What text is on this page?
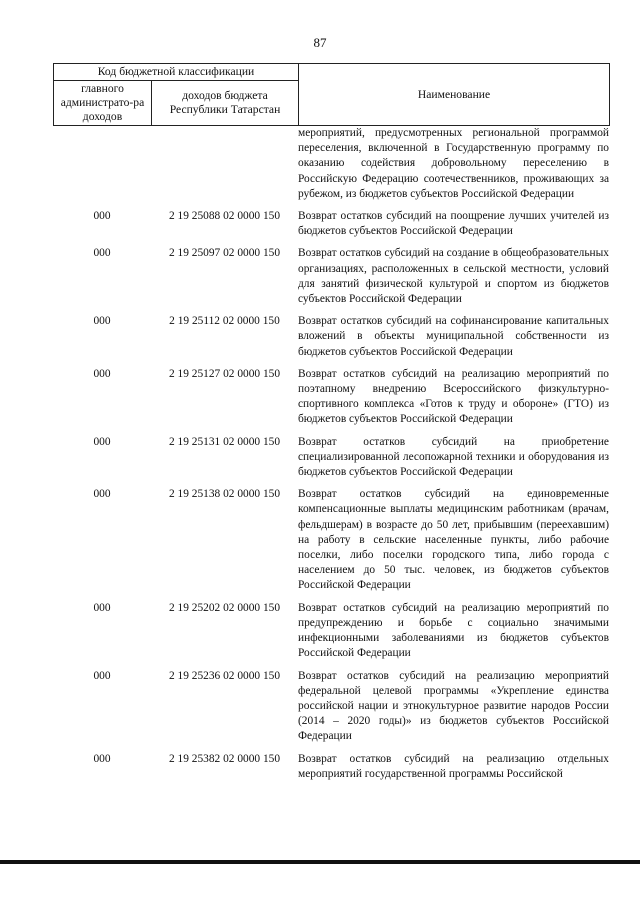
87
Код бюджетной классификации		Наименование
главного администрато-ра доходов	доходов бюджета Республики Татарстан	
мероприятий, предусмотренных региональной программой переселения, включенной в Государственную программу по оказанию содействия добровольному переселению в Российскую Федерацию соотечественников, проживающих за рубежом, из бюджетов субъектов Российской Федерации
000	2 19 25088 02 0000 150	Возврат остатков субсидий на поощрение лучших учителей из бюджетов субъектов Российской Федерации
000	2 19 25097 02 0000 150	Возврат остатков субсидий на создание в общеобразовательных организациях, расположенных в сельской местности, условий для занятий физической культурой и спортом из бюджетов субъектов Российской Федерации
000	2 19 25112 02 0000 150	Возврат остатков субсидий на софинансирование капитальных вложений в объекты муниципальной собственности из бюджетов субъектов Российской Федерации
000	2 19 25127 02 0000 150	Возврат остатков субсидий на реализацию мероприятий по поэтапному внедрению Всероссийского физкультурно-спортивного комплекса «Готов к труду и обороне» (ГТО) из бюджетов субъектов Российской Федерации
000	2 19 25131 02 0000 150	Возврат остатков субсидий на приобретение специализированной лесопожарной техники и оборудования из бюджетов субъектов Российской Федерации
000	2 19 25138 02 0000 150	Возврат остатков субсидий на единовременные компенсационные выплаты медицинским работникам (врачам, фельдшерам) в возрасте до 50 лет, прибывшим (переехавшим) на работу в сельские населенные пункты, либо рабочие поселки, либо поселки городского типа, либо города с населением до 50 тыс. человек, из бюджетов субъектов Российской Федерации
000	2 19 25202 02 0000 150	Возврат остатков субсидий на реализацию мероприятий по предупреждению и борьбе с социально значимыми инфекционными заболеваниями из бюджетов субъектов Российской Федерации
000	2 19 25236 02 0000 150	Возврат остатков субсидий на реализацию мероприятий федеральной целевой программы «Укрепление единства российской нации и этнокультурное развитие народов России (2014 – 2020 годы)» из бюджетов субъектов Российской Федерации
000	2 19 25382 02 0000 150	Возврат остатков субсидий на реализацию отдельных мероприятий государственной программы Российской
